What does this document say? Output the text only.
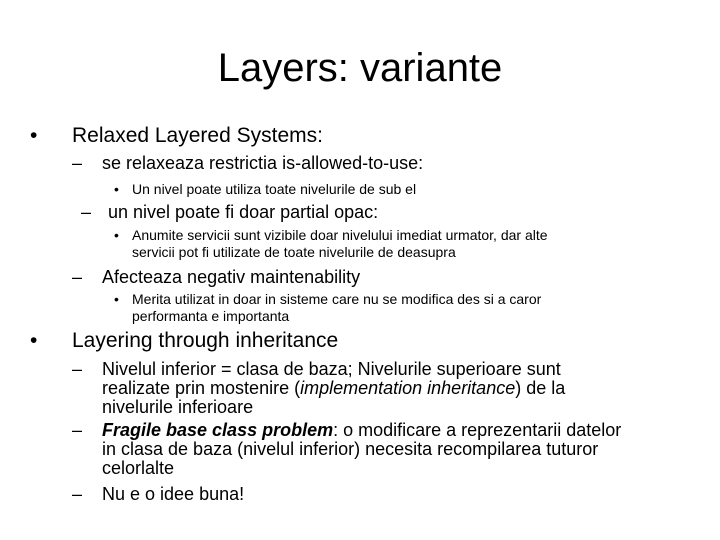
Layers: variante
• Relaxed Layered Systems:
– se relaxeaza restrictia is-allowed-to-use:
• Un nivel poate utiliza toate nivelurile de sub el
– un nivel poate fi doar partial opac:
• Anumite servicii sunt vizibile doar nivelului imediat urmator, dar alte
servicii pot fi utilizate de toate nivelurile de deasupra
– Afecteaza negativ maintenability
• Merita utilizat in doar in sisteme care nu se modifica des si a caror
performanta e importanta
• Layering through inheritance
– Nivelul inferior = clasa de baza; Nivelurile superioare sunt
realizate prin mostenire (implementation inheritance) de la
nivelurile inferioare
– Fragile base class problem: o modificare a reprezentarii datelor
in clasa de baza (nivelul inferior) necesita recompilarea tuturor
celorlalte
– Nu e o idee buna!
